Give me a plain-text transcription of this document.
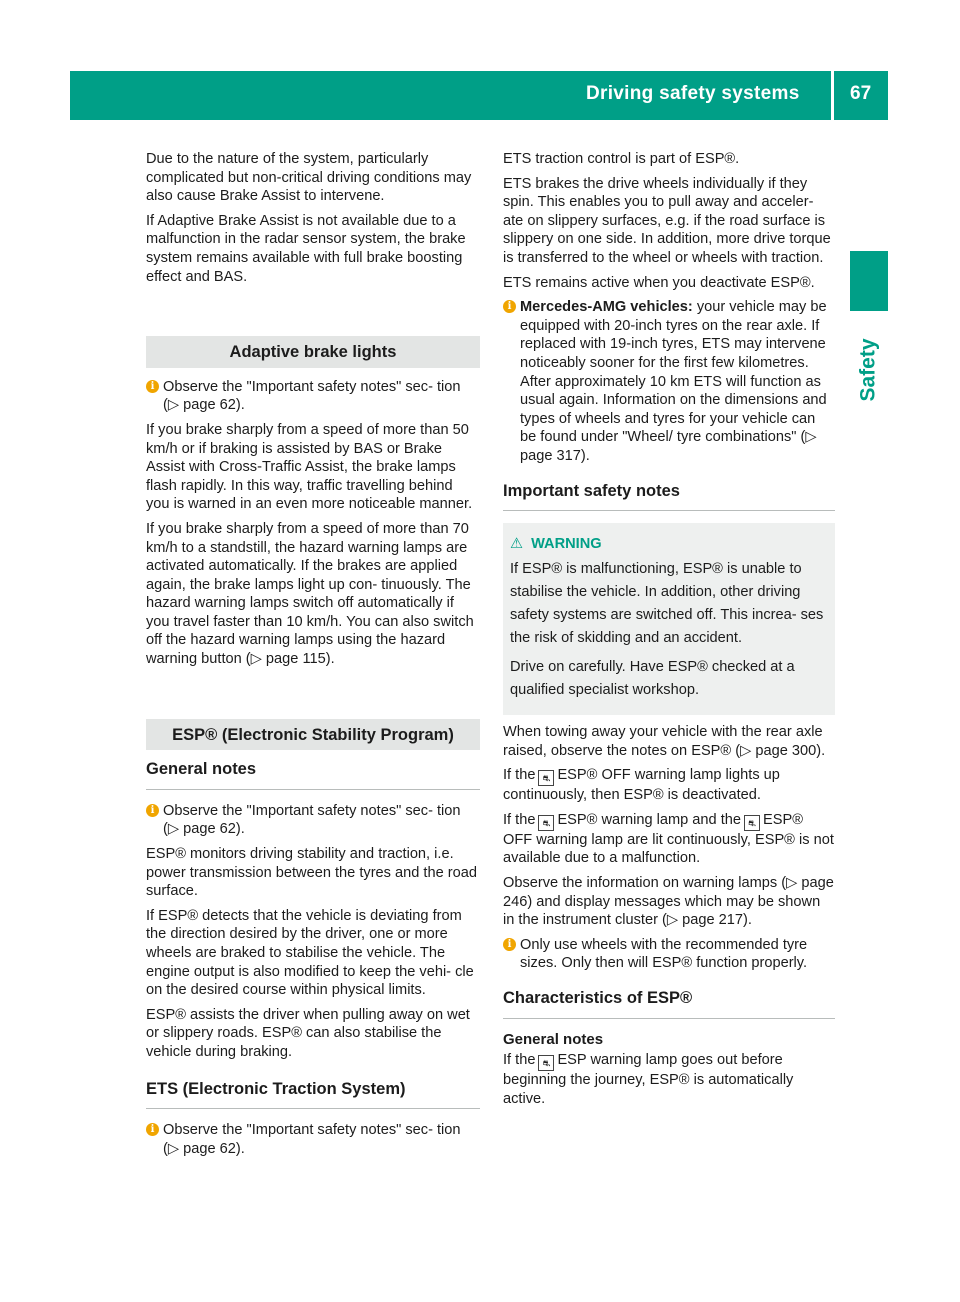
Driving safety systems	67
Safety

Due to the nature of the system, particularly complicated but non-critical driving conditions may also cause Brake Assist to intervene.

If Adaptive Brake Assist is not available due to a malfunction in the radar sensor system, the brake system remains available with full brake boosting effect and BAS.

Adaptive brake lights
i Observe the "Important safety notes" sec- tion (▷ page 62).

If you brake sharply from a speed of more than 50 km/h or if braking is assisted by BAS or Brake Assist with Cross-Traffic Assist, the brake lamps flash rapidly. In this way, traffic travelling behind you is warned in an even more noticeable manner.

If you brake sharply from a speed of more than 70 km/h to a standstill, the hazard warning lamps are activated automatically. If the brakes are applied again, the brake lamps light up con- tinuously. The hazard warning lamps switch off automatically if you travel faster than 10 km/h. You can also switch off the hazard warning lamps using the hazard warning button (▷ page 115).

ESP® (Electronic Stability Program)
General notes
i Observe the "Important safety notes" sec- tion (▷ page 62).

ESP® monitors driving stability and traction, i.e. power transmission between the tyres and the road surface.

If ESP® detects that the vehicle is deviating from the direction desired by the driver, one or more wheels are braked to stabilise the vehicle. The engine output is also modified to keep the vehi- cle on the desired course within physical limits.

ESP® assists the driver when pulling away on wet or slippery roads. ESP® can also stabilise the vehicle during braking.

ETS (Electronic Traction System)
i Observe the "Important safety notes" sec- tion (▷ page 62).

ETS traction control is part of ESP®.

ETS brakes the drive wheels individually if they spin. This enables you to pull away and acceler- ate on slippery surfaces, e.g. if the road surface is slippery on one side. In addition, more drive torque is transferred to the wheel or wheels with traction.

ETS remains active when you deactivate ESP®.

i Mercedes-AMG vehicles: your vehicle may be equipped with 20-inch tyres on the rear axle. If replaced with 19-inch tyres, ETS may intervene noticeably sooner for the first few kilometres. After approximately 10 km ETS will function as usual again. Information on the dimensions and types of wheels and tyres for your vehicle can be found under "Wheel/ tyre combinations" (▷ page 317).
Important safety notes
⚠ WARNING

If ESP® is malfunctioning, ESP® is unable to stabilise the vehicle. In addition, other driving safety systems are switched off. This increa- ses the risk of skidding and an accident.

Drive on carefully. Have ESP® checked at a qualified specialist workshop.

When towing away your vehicle with the rear axle raised, observe the notes on ESP® (▷ page 300).

If the ⛐ ESP® OFF warning lamp lights up continuously, then ESP® is deactivated.

If the ⛐ ESP® warning lamp and the ⛐ ESP® OFF warning lamp are lit continuously, ESP® is not available due to a malfunction.

Observe the information on warning lamps (▷ page 246) and display messages which may be shown in the instrument cluster (▷ page 217).

i Only use wheels with the recommended tyre sizes. Only then will ESP® function properly.
Characteristics of ESP®
General notes

If the ⛐ ESP warning lamp goes out before beginning the journey, ESP® is automatically active.
